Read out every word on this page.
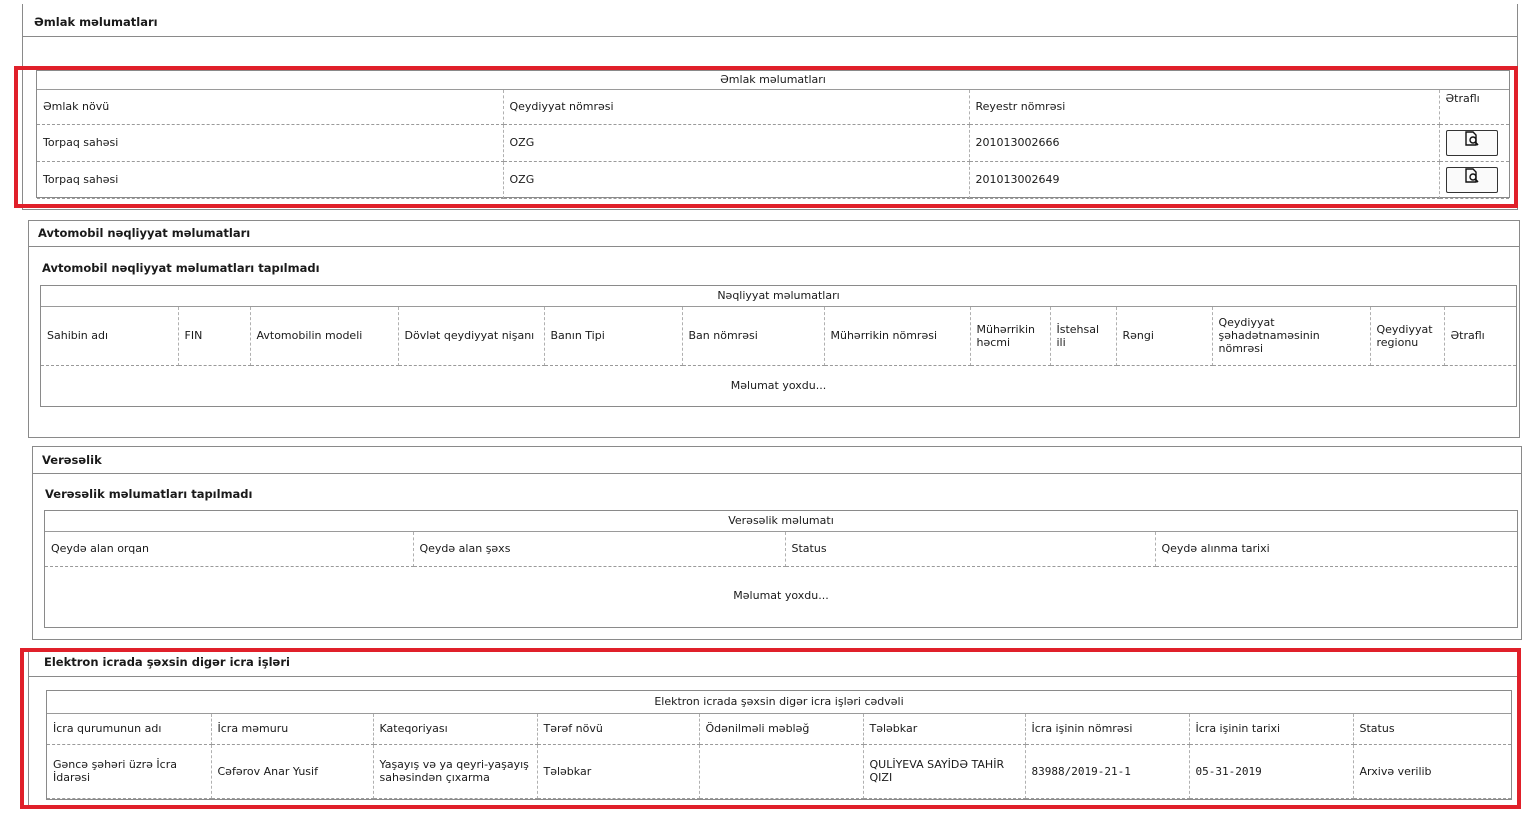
Əmlak məlumatları
Əmlak məlumatları
Əmlak növü	Qeydiyyat nömrəsi	Reyestr nömrəsi	Ətraflı
Torpaq sahəsi	OZG	201013002666	
Torpaq sahəsi	OZG	201013002649	
Avtomobil nəqliyyat məlumatları
Avtomobil nəqliyyat məlumatları tapılmadı
Nəqliyyat məlumatları
Sahibin adı	FIN	Avtomobilin modeli	Dövlət qeydiyyat nişanı	Banın Tipi	Ban nömrəsi	Mühərrikin nömrəsi	Mühərrikin həcmi	İstehsal ili	Rəngi	Qeydiyyat şəhadətnaməsinin nömrəsi	Qeydiyyat regionu	Ətraflı
Məlumat yoxdu...
Verəsəlik
Verəsəlik məlumatları tapılmadı
Verəsəlik məlumatı
Qeydə alan orqan	Qeydə alan şəxs	Status	Qeydə alınma tarixi
Məlumat yoxdu...
Elektron icrada şəxsin digər icra işləri
Elektron icrada şəxsin digər icra işləri cədvəli
İcra qurumunun adı	İcra məmuru	Kateqoriyası	Tərəf növü	Ödənilməli məbləğ	Tələbkar	İcra işinin nömrəsi	İcra işinin tarixi	Status
Gəncə şəhəri üzrə İcra İdarəsi	Cəfərov Anar Yusif	Yaşayış və ya qeyri-yaşayış sahəsindən çıxarma	Tələbkar		QULİYEVA SAYİDƏ TAHİR QIZI	83988/2019-21-1	05-31-2019	Arxivə verilib
